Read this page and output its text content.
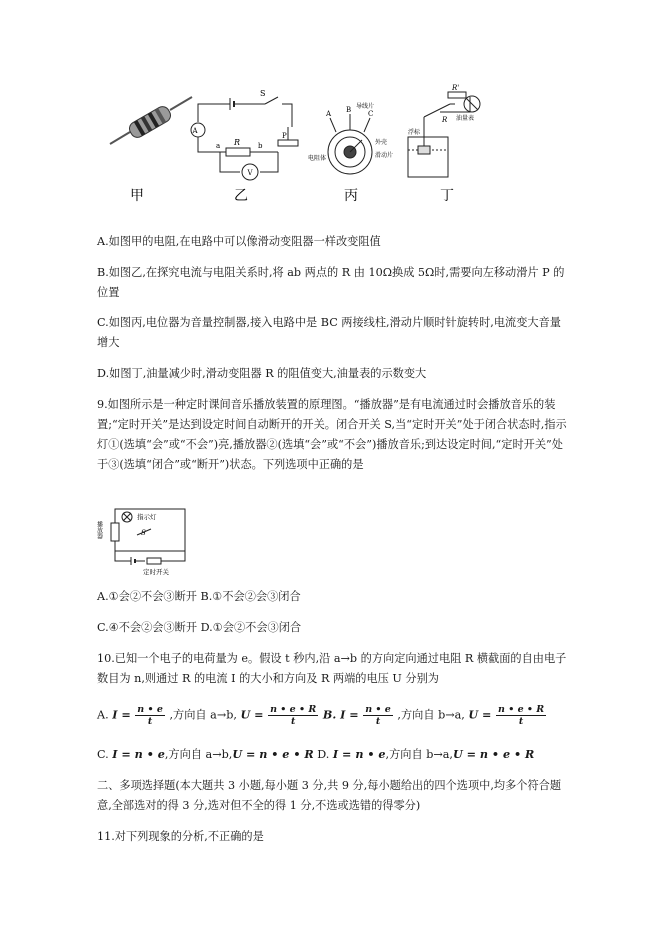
甲
A
V
S
a R	b
P
乙
A B C
导线片
外壳
电阻体	滑动片
丙
R'
R 油量表
浮标
丁
A.如图甲的电阻,在电路中可以像滑动变阻器一样改变阻值
B.如图乙,在探究电流与电阻关系时,将 ab 两点的 R 由 10Ω换成 5Ω时,需要向左移动滑片 P 的位置
C.如图丙,电位器为音量控制器,接入电路中是 BC 两接线柱,滑动片顺时针旋转时,电流变大音量增大
D.如图丁,油量减少时,滑动变阻器 R 的阻值变大,油量表的示数变大
9.如图所示是一种定时课间音乐播放装置的原理图。“播放器”是有电流通过时会播放音乐的装置;“定时开关”是达到设定时间自动断开的开关。闭合开关 S,当“定时开关”处于闭合状态时,指示灯①(选填“会”或“不会”)亮,播放器②(选填“会”或“不会”)播放音乐;到达设定时间,“定时开关”处于③(选填“闭合”或“断开”)状态。下列选项中正确的是
指示灯
S
播放器
定时开关
A.①会②不会③断开 B.①不会②会③闭合
C.④不会②会③断开 D.①会②不会③闭合
10.已知一个电子的电荷量为 e。假设 t 秒内,沿 a→b 的方向定向通过电阻 R 横截面的自由电子数目为 n,则通过 R 的电流 I 的大小和方向及 R 两端的电压 U 分别为
A. $I = \frac{n • e}{t}$ ,方向自 a→b, $U = \frac{n • e • R}{t} B$. $I = \frac{n • e}{t}$ ,方向自 b→a, $U = \frac{n • e • R}{t}$
C. I = n • e,方向自 a→b,U = n • e • R D. I = n • e,方向自 b→a,U = n • e • R
二、多项选择题(本大题共 3 小题,每小题 3 分,共 9 分,每小题给出的四个选项中,均多个符合题意,全部选对的得 3 分,选对但不全的得 1 分,不选或选错的得零分)
11.对下列现象的分析,不正确的是
